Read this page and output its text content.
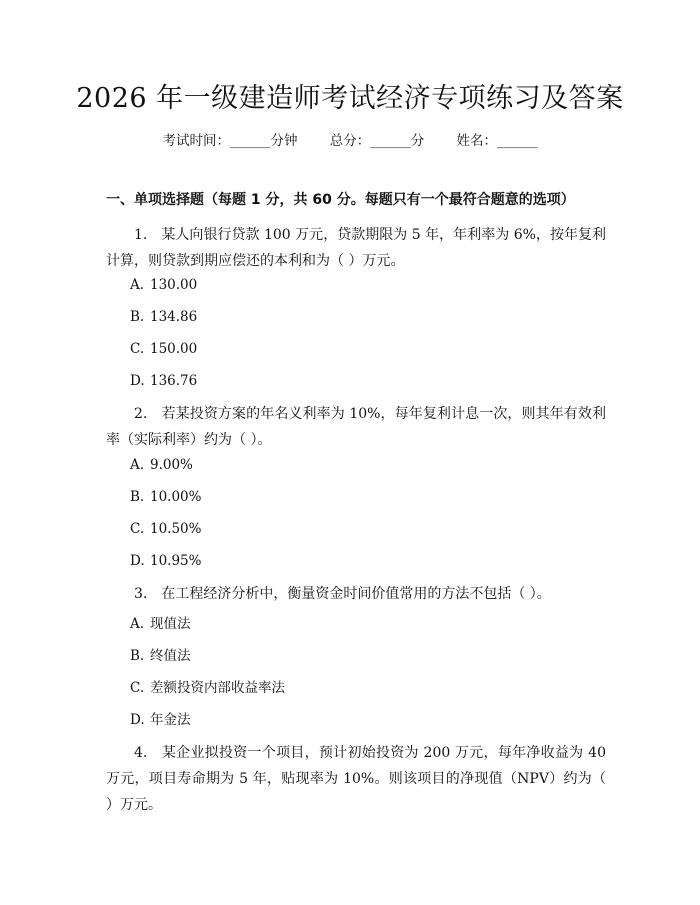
2026 年一级建造师考试经济专项练习及答案
考试时间：______分钟 总分：______分 姓名：______
一、单项选择题（每题 1 分，共 60 分。每题只有一个最符合题意的选项）
1.　某人向银行贷款 100 万元，贷款期限为 5 年，年利率为 6%，按年复利计算，则贷款到期应偿还的本利和为（ ）万元。
A. 130.00
B. 134.86
C. 150.00
D. 136.76
2.　若某投资方案的年名义利率为 10%，每年复利计息一次，则其年有效利率（实际利率）约为（ ）。
A. 9.00%
B. 10.00%
C. 10.50%
D. 10.95%
3.　在工程经济分析中，衡量资金时间价值常用的方法不包括（ ）。
A. 现值法
B. 终值法
C. 差额投资内部收益率法
D. 年金法
4.　某企业拟投资一个项目，预计初始投资为 200 万元，每年净收益为 40 万元，项目寿命期为 5 年，贴现率为 10%。则该项目的净现值（NPV）约为（ ）万元。
